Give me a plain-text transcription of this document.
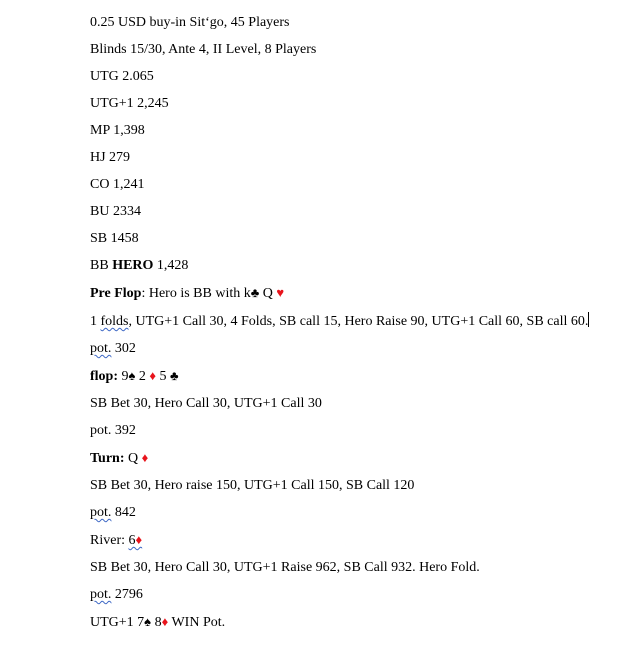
0.25 USD buy-in Sit‘go, 45 Players
Blinds 15/30, Ante 4, II Level, 8 Players
UTG 2.065
UTG+1 2,245
MP 1,398
HJ 279
CO 1,241
BU 2334
SB 1458
BB HERO 1,428
Pre Flop: Hero is BB with k♣ Q ♥
1 folds, UTG+1 Call 30, 4 Folds, SB call 15, Hero Raise 90, UTG+1 Call 60, SB call 60.
pot. 302
flop: 9♠ 2 ♦ 5 ♣
SB Bet 30, Hero Call 30, UTG+1 Call 30
pot. 392
Turn: Q ♦
SB Bet 30, Hero raise 150, UTG+1 Call 150, SB Call 120
pot. 842
River: 6♦
SB Bet 30, Hero Call 30, UTG+1 Raise 962, SB Call 932. Hero Fold.
pot. 2796
UTG+1 7♠ 8♦ WIN Pot.
